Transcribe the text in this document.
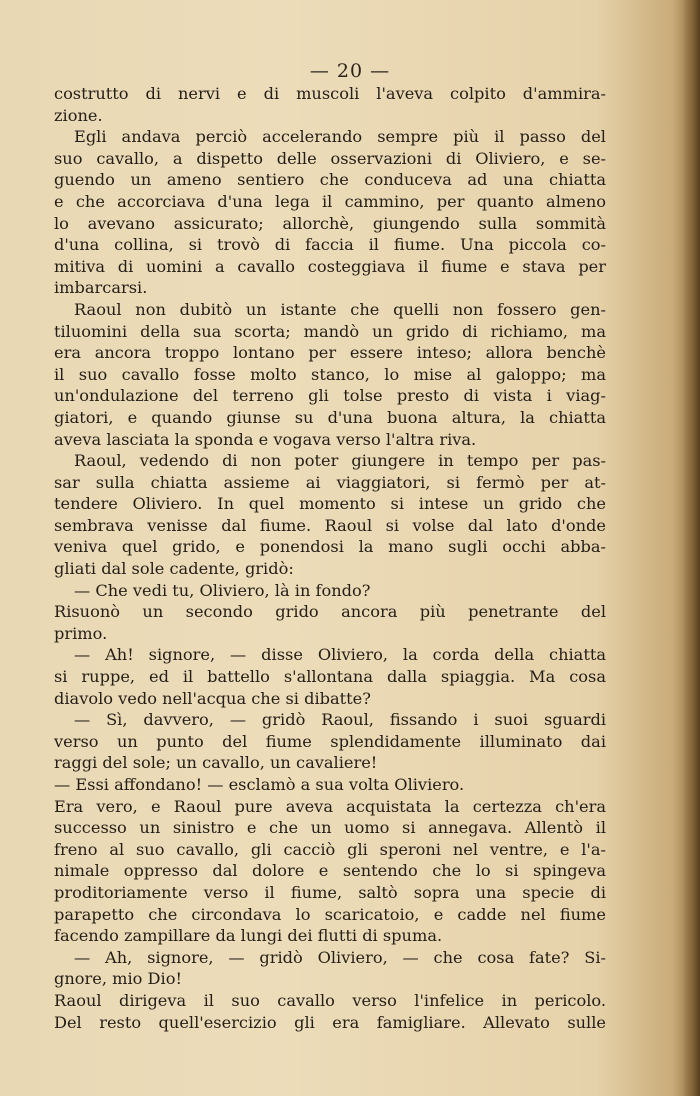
— 20 —
costrutto di nervi e di muscoli l'aveva colpito d'ammira-
zione.
Egli andava perciò accelerando sempre più il passo del
suo cavallo, a dispetto delle osservazioni di Oliviero, e se-
guendo un ameno sentiero che conduceva ad una chiatta
e che accorciava d'una lega il cammino, per quanto almeno
lo avevano assicurato; allorchè, giungendo sulla sommità
d'una collina, si trovò di faccia il fiume. Una piccola co-
mitiva di uomini a cavallo costeggiava il fiume e stava per
imbarcarsi.
Raoul non dubitò un istante che quelli non fossero gen-
tiluomini della sua scorta; mandò un grido di richiamo, ma
era ancora troppo lontano per essere inteso; allora benchè
il suo cavallo fosse molto stanco, lo mise al galoppo; ma
un'ondulazione del terreno gli tolse presto di vista i viag-
giatori, e quando giunse su d'una buona altura, la chiatta
aveva lasciata la sponda e vogava verso l'altra riva.
Raoul, vedendo di non poter giungere in tempo per pas-
sar sulla chiatta assieme ai viaggiatori, si fermò per at-
tendere Oliviero. In quel momento si intese un grido che
sembrava venisse dal fiume. Raoul si volse dal lato d'onde
veniva quel grido, e ponendosi la mano sugli occhi abba-
gliati dal sole cadente, gridò:
— Che vedi tu, Oliviero, là in fondo?
Risuonò un secondo grido ancora più penetrante del
primo.
— Ah! signore, — disse Oliviero, la corda della chiatta
si ruppe, ed il battello s'allontana dalla spiaggia. Ma cosa
diavolo vedo nell'acqua che si dibatte?
— Sì, davvero, — gridò Raoul, fissando i suoi sguardi
verso un punto del fiume splendidamente illuminato dai
raggi del sole; un cavallo, un cavaliere!
— Essi affondano! — esclamò a sua volta Oliviero.
Era vero, e Raoul pure aveva acquistata la certezza ch'era
successo un sinistro e che un uomo si annegava. Allentò il
freno al suo cavallo, gli cacciò gli speroni nel ventre, e l'a-
nimale oppresso dal dolore e sentendo che lo si spingeva
proditoriamente verso il fiume, saltò sopra una specie di
parapetto che circondava lo scaricatoio, e cadde nel fiume
facendo zampillare da lungi dei flutti di spuma.
— Ah, signore, — gridò Oliviero, — che cosa fate? Si-
gnore, mio Dio!
Raoul dirigeva il suo cavallo verso l'infelice in pericolo.
Del resto quell'esercizio gli era famigliare. Allevato sulle
